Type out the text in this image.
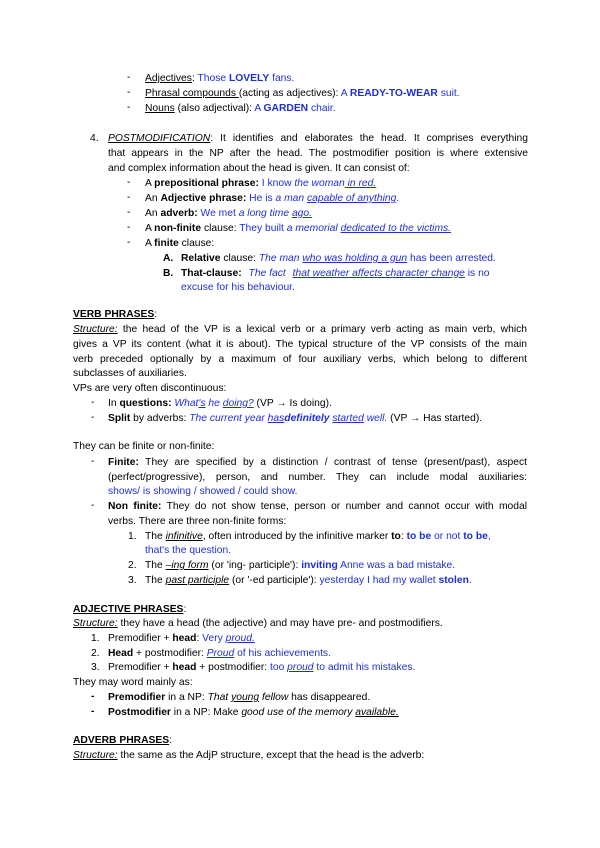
- Adjectives: Those LOVELY fans.
- Phrasal compounds (acting as adjectives): A READY-TO-WEAR suit.
- Nouns (also adjectival): A GARDEN chair.
4. POSTMODIFICATION: It identifies and elaborates the head. It comprises everything
that appears in the NP after the head. The postmodifier position is where extensive
and complex information about the head is given. It can consist of:
- A prepositional phrase: I know the woman in red.
- An Adjective phrase: He is a man capable of anything.
- An adverb: We met a long time ago.
- A non-finite clause: They built a memorial dedicated to the victims.
- A finite clause:
A. Relative clause: The man who was holding a gun has been arrested.
B. That-clause: The fact that weather affects character change is no
excuse for his behaviour.
VERB PHRASES:
Structure: the head of the VP is a lexical verb or a primary verb acting as main verb, which
gives a VP its content (what it is about). The typical structure of the VP consists of the main
verb preceded optionally by a maximum of four auxiliary verbs, which belong to different
subclasses of auxiliaries.
VPs are very often discontinuous:
- In questions: What's he doing? (VP → Is doing).
- Split by adverbs: The current year hasdefinitely started well. (VP → Has started).
They can be finite or non-finite:
- Finite: They are specified by a distinction / contrast of tense (present/past), aspect
(perfect/progressive), person, and number. They can include modal auxiliaries:
shows/ is showing / showed / could show.
- Non finite: They do not show tense, person or number and cannot occur with modal
verbs. There are three non-finite forms:
1. The infinitive, often introduced by the infinitive marker to: to be or not to be,
that's the question.
2. The –ing form (or 'ing- participle'): inviting Anne was a bad mistake.
3. The past participle (or '-ed participle'): yesterday I had my wallet stolen.
ADJECTIVE PHRASES:
Structure: they have a head (the adjective) and may have pre- and postmodifiers.
1. Premodifier + head: Very proud.
2. Head + postmodifier: Proud of his achievements.
3. Premodifier + head + postmodifier: too proud to admit his mistakes.
They may word mainly as:
- Premodifier in a NP: That young fellow has disappeared.
- Postmodifier in a NP: Make good use of the memory available.
ADVERB PHRASES:
Structure: the same as the AdjP structure, except that the head is the adverb:
